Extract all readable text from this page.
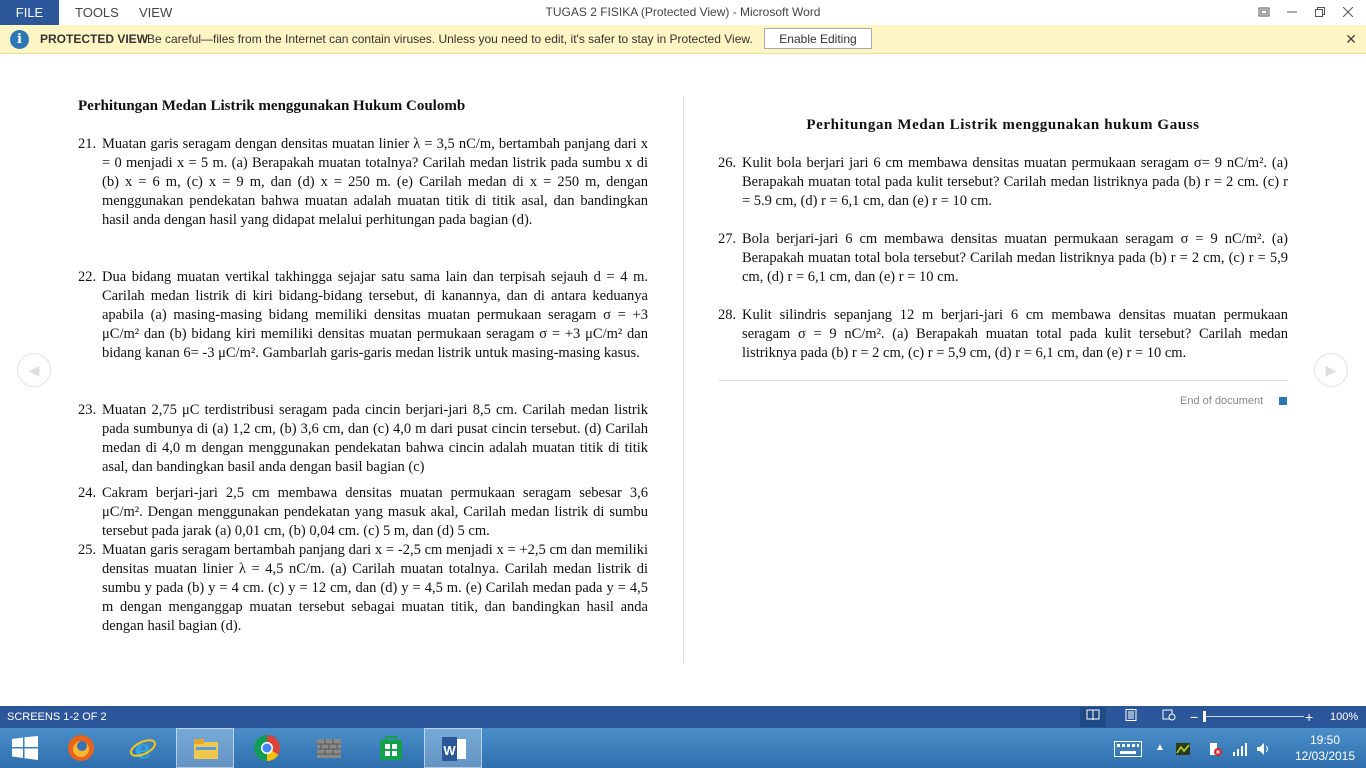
FILE	TOOLS VIEW	TUGAS 2 FISIKA (Protected View) - Microsoft Word
i	PROTECTED VIEW
Be careful—files from the Internet can contain viruses. Unless you need to edit, it's safer to stay in Protected View.	Enable Editing	✕
◀	▶

Perhitungan Medan Listrik menggunakan Hukum Coulomb

21. Muatan garis seragam dengan densitas muatan linier λ = 3,5 nC/m, bertambah panjang dari x = 0 menjadi x = 5 m. (a) Berapakah muatan totalnya? Carilah medan listrik pada sumbu x di (b) x = 6 m, (c) x = 9 m, dan (d) x = 250 m. (e) Carilah medan di x = 250 m, dengan menggunakan pendekatan bahwa muatan adalah muatan titik di titik asal, dan bandingkan hasil anda dengan hasil yang didapat melalui perhitungan pada bagian (d).
22. Dua bidang muatan vertikal takhingga sejajar satu sama lain dan terpisah sejauh d = 4 m. Carilah medan listrik di kiri bidang-bidang tersebut, di kanannya, dan di antara keduanya apabila (a) masing-masing bidang memiliki densitas muatan permukaan seragam σ = +3 μC/m² dan (b) bidang kiri memiliki densitas muatan permukaan seragam σ = +3 μC/m² dan bidang kanan 6= -3 μC/m². Gambarlah garis-garis medan listrik untuk masing-masing kasus.
23. Muatan 2,75 μC terdistribusi seragam pada cincin berjari-jari 8,5 cm. Carilah medan listrik pada sumbunya di (a) 1,2 cm, (b) 3,6 cm, dan (c) 4,0 m dari pusat cincin tersebut. (d) Carilah medan di 4,0 m dengan menggunakan pendekatan bahwa cincin adalah muatan titik di titik asal, dan bandingkan basil anda dengan basil bagian (c)
24. Cakram berjari-jari 2,5 cm membawa densitas muatan permukaan seragam sebesar 3,6 μC/m². Dengan menggunakan pendekatan yang masuk akal, Carilah medan listrik di sumbu tersebut pada jarak (a) 0,01 cm, (b) 0,04 cm. (c) 5 m, dan (d) 5 cm.
25. Muatan garis seragam bertambah panjang dari x = -2,5 cm menjadi x = +2,5 cm dan memiliki densitas muatan linier λ = 4,5 nC/m. (a) Carilah muatan totalnya. Carilah medan listrik di sumbu y pada (b) y = 4 cm. (c) y = 12 cm, dan (d) y = 4,5 m. (e) Carilah medan pada y = 4,5 m dengan menganggap muatan tersebut sebagai muatan titik, dan bandingkan hasil anda dengan hasil bagian (d).

Perhitungan Medan Listrik menggunakan hukum Gauss

26. Kulit bola berjari jari 6 cm membawa densitas muatan permukaan seragam σ= 9 nC/m². (a) Berapakah muatan total pada kulit tersebut? Carilah medan listriknya pada (b) r = 2 cm. (c) r = 5.9 cm, (d) r = 6,1 cm, dan (e) r = 10 cm.
27. Bola berjari-jari 6 cm membawa densitas muatan permukaan seragam σ = 9 nC/m². (a) Berapakah muatan total bola tersebut? Carilah medan listriknya pada (b) r = 2 cm, (c) r = 5,9 cm, (d) r = 6,1 cm, dan (e) r = 10 cm.
28. Kulit silindris sepanjang 12 m berjari-jari 6 cm membawa densitas muatan permukaan seragam σ = 9 nC/m². (a) Berapakah muatan total pada kulit tersebut? Carilah medan listriknya pada (b) r = 2 cm, (c) r = 5,9 cm, (d) r = 6,1 cm, dan (e) r = 10 cm.
End of document
SCREENS 1-2 OF 2	−	+ 100%
e	W	▲
19:50
12/03/2015
